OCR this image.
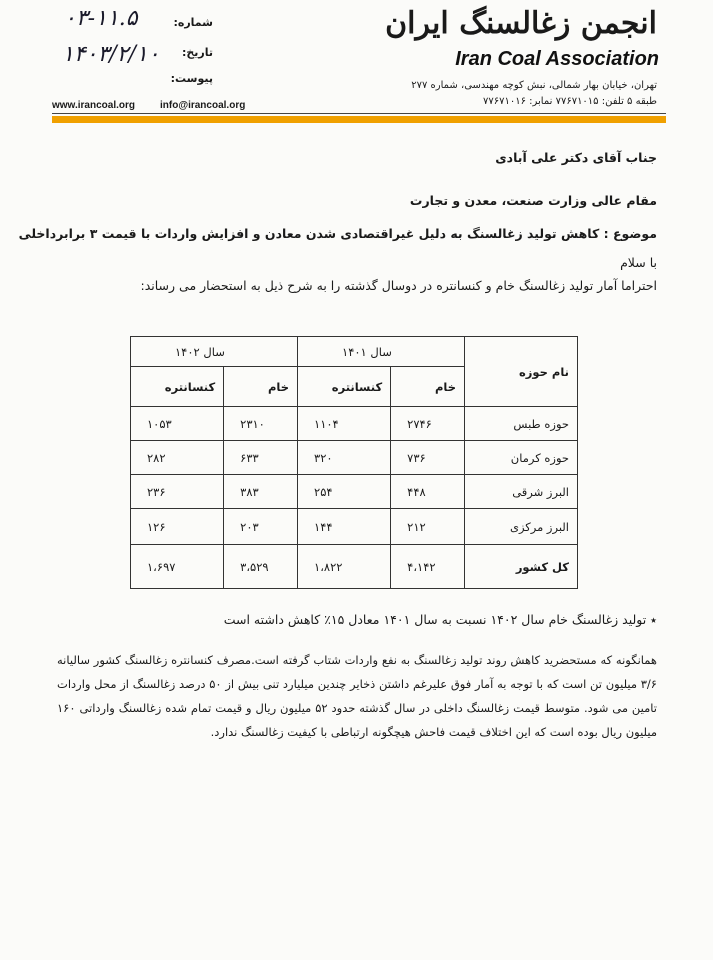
انجمن زغالسنگ ایران
Iran Coal Association
تهران، خیابان بهار شمالی، نبش کوچه مهندسی، شماره ۲۷۷
طبقه ۵ تلفن: ۷۷۶۷۱۰۱۵ نمابر: ۷۷۶۷۱۰۱۶
شماره:
تاریخ:
پیوست:
۰۳-۱۱.۵
۱۴۰۳/۲/۱۰
www.irancoal.org	info@irancoal.org
جناب آقای دکتر علی آبادی
مقام عالی وزارت صنعت، معدن و تجارت
موضوع : کاهش تولید زغالسنگ به دلیل غیراقتصادی شدن معادن و افزایش واردات با قیمت ۳ برابرداخلی
با سلام
احتراما آمار تولید زغالسنگ خام و کنسانتره در دوسال گذشته را به شرح ذیل به استحضار می رساند:
نام حوزه	سال ۱۴۰۱		سال ۱۴۰۲	
	خام	کنسانتره	خام	کنسانتره
حوزه طبس	۲۷۴۶	۱۱۰۴	۲۳۱۰	۱۰۵۳
حوزه کرمان	۷۳۶	۳۲۰	۶۳۳	۲۸۲
البرز شرقی	۴۴۸	۲۵۴	۳۸۳	۲۳۶
البرز مرکزی	۲۱۲	۱۴۴	۲۰۳	۱۲۶
کل کشور	۴،۱۴۲	۱،۸۲۲	۳،۵۲۹	۱،۶۹۷
٭ تولید زغالسنگ خام سال ۱۴۰۲ نسبت به سال ۱۴۰۱ معادل ۱۵٪ کاهش داشته است
همانگونه که مستحضرید کاهش روند تولید زغالسنگ به نفع واردات شتاب گرفته است.مصرف کنسانتره زغالسنگ کشور سالیانه ۳/۶ میلیون تن است که با توجه به آمار فوق علیرغم داشتن ذخایر چندین میلیارد تنی بیش از ۵۰ درصد زغالسنگ از محل واردات تامین می شود. متوسط قیمت زغالسنگ داخلی در سال گذشته حدود ۵۲ میلیون ریال و قیمت تمام شده زغالسنگ وارداتی ۱۶۰ میلیون ریال بوده است که این اختلاف قیمت فاحش هیچگونه ارتباطی با کیفیت زغالسنگ ندارد.
